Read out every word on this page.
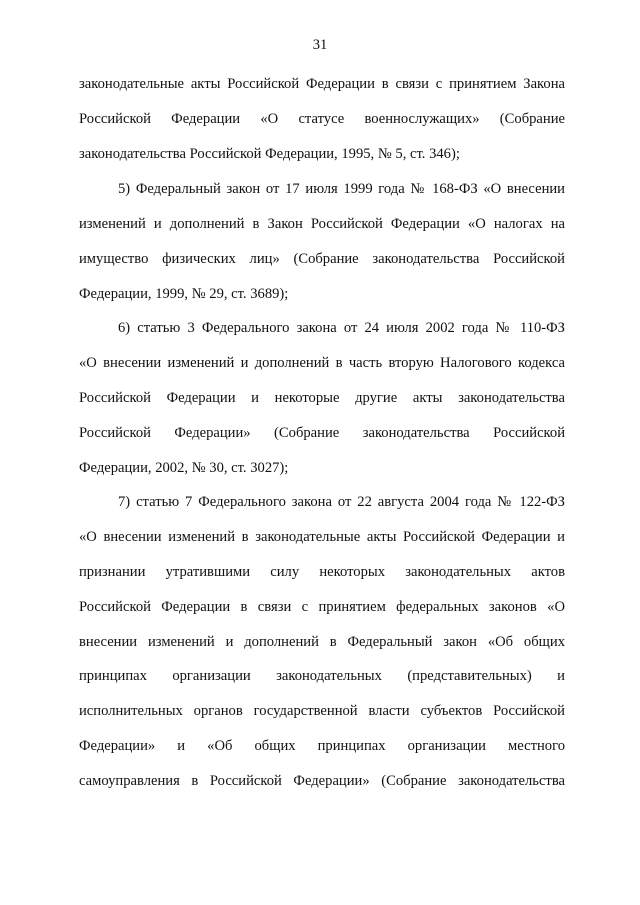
31
законодательные акты Российской Федерации в связи с принятием Закона
Российской Федерации «О статусе военнослужащих» (Собрание
законодательства Российской Федерации, 1995, № 5, ст. 346);
5) Федеральный закон от 17 июля 1999 года № 168-ФЗ «О внесении
изменений и дополнений в Закон Российской Федерации «О налогах на
имущество физических лиц» (Собрание законодательства Российской
Федерации, 1999, № 29, ст. 3689);
6) статью 3 Федерального закона от 24 июля 2002 года № 110-ФЗ
«О внесении изменений и дополнений в часть вторую Налогового кодекса
Российской Федерации и некоторые другие акты законодательства
Российской Федерации» (Собрание законодательства Российской
Федерации, 2002, № 30, ст. 3027);
7) статью 7 Федерального закона от 22 августа 2004 года № 122-ФЗ
«О внесении изменений в законодательные акты Российской Федерации и
признании утратившими силу некоторых законодательных актов
Российской Федерации в связи с принятием федеральных законов «О
внесении изменений и дополнений в Федеральный закон «Об общих
принципах организации законодательных (представительных) и
исполнительных органов государственной власти субъектов Российской
Федерации» и «Об общих принципах организации местного
самоуправления в Российской Федерации» (Собрание законодательства
